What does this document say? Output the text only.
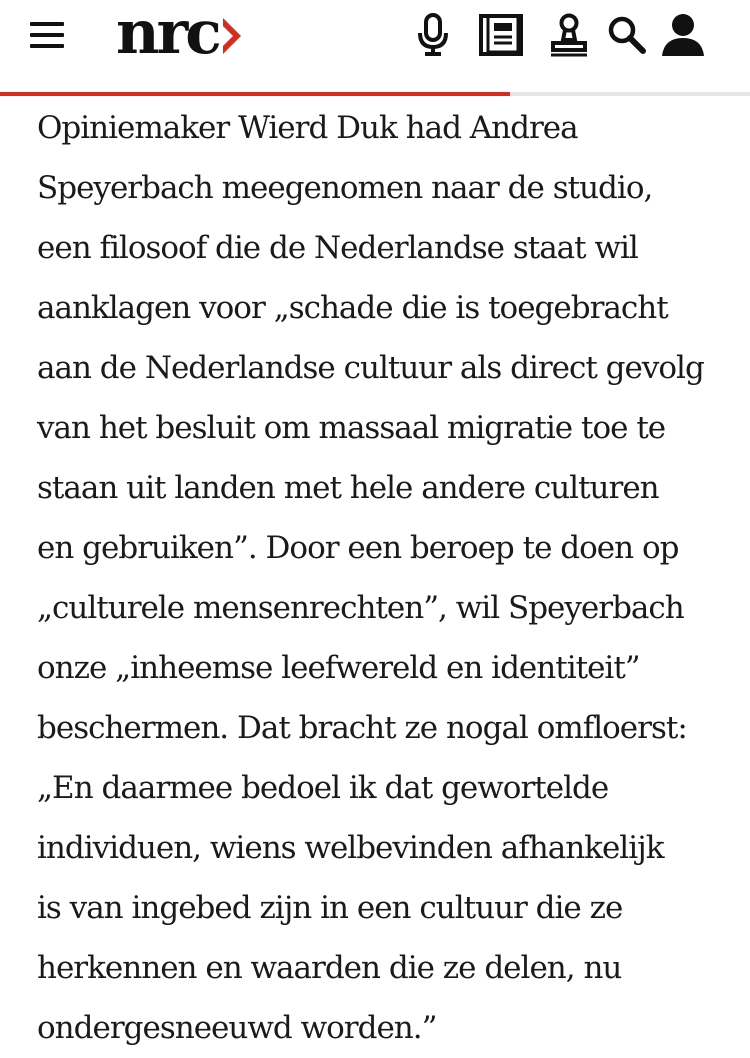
nrc
Opiniemaker Wierd Duk had Andrea
Speyerbach meegenomen naar de studio,
een filosoof die de Nederlandse staat wil
aanklagen voor „schade die is toegebracht
aan de Nederlandse cultuur als direct gevolg
van het besluit om massaal migratie toe te
staan uit landen met hele andere culturen
en gebruiken”. Door een beroep te doen op
„culturele mensenrechten”, wil Speyerbach
onze „inheemse leefwereld en identiteit”
beschermen. Dat bracht ze nogal omfloerst:
„En daarmee bedoel ik dat gewortelde
individuen, wiens welbevinden afhankelijk
is van ingebed zijn in een cultuur die ze
herkennen en waarden die ze delen, nu
ondergesneeuwd worden.”
